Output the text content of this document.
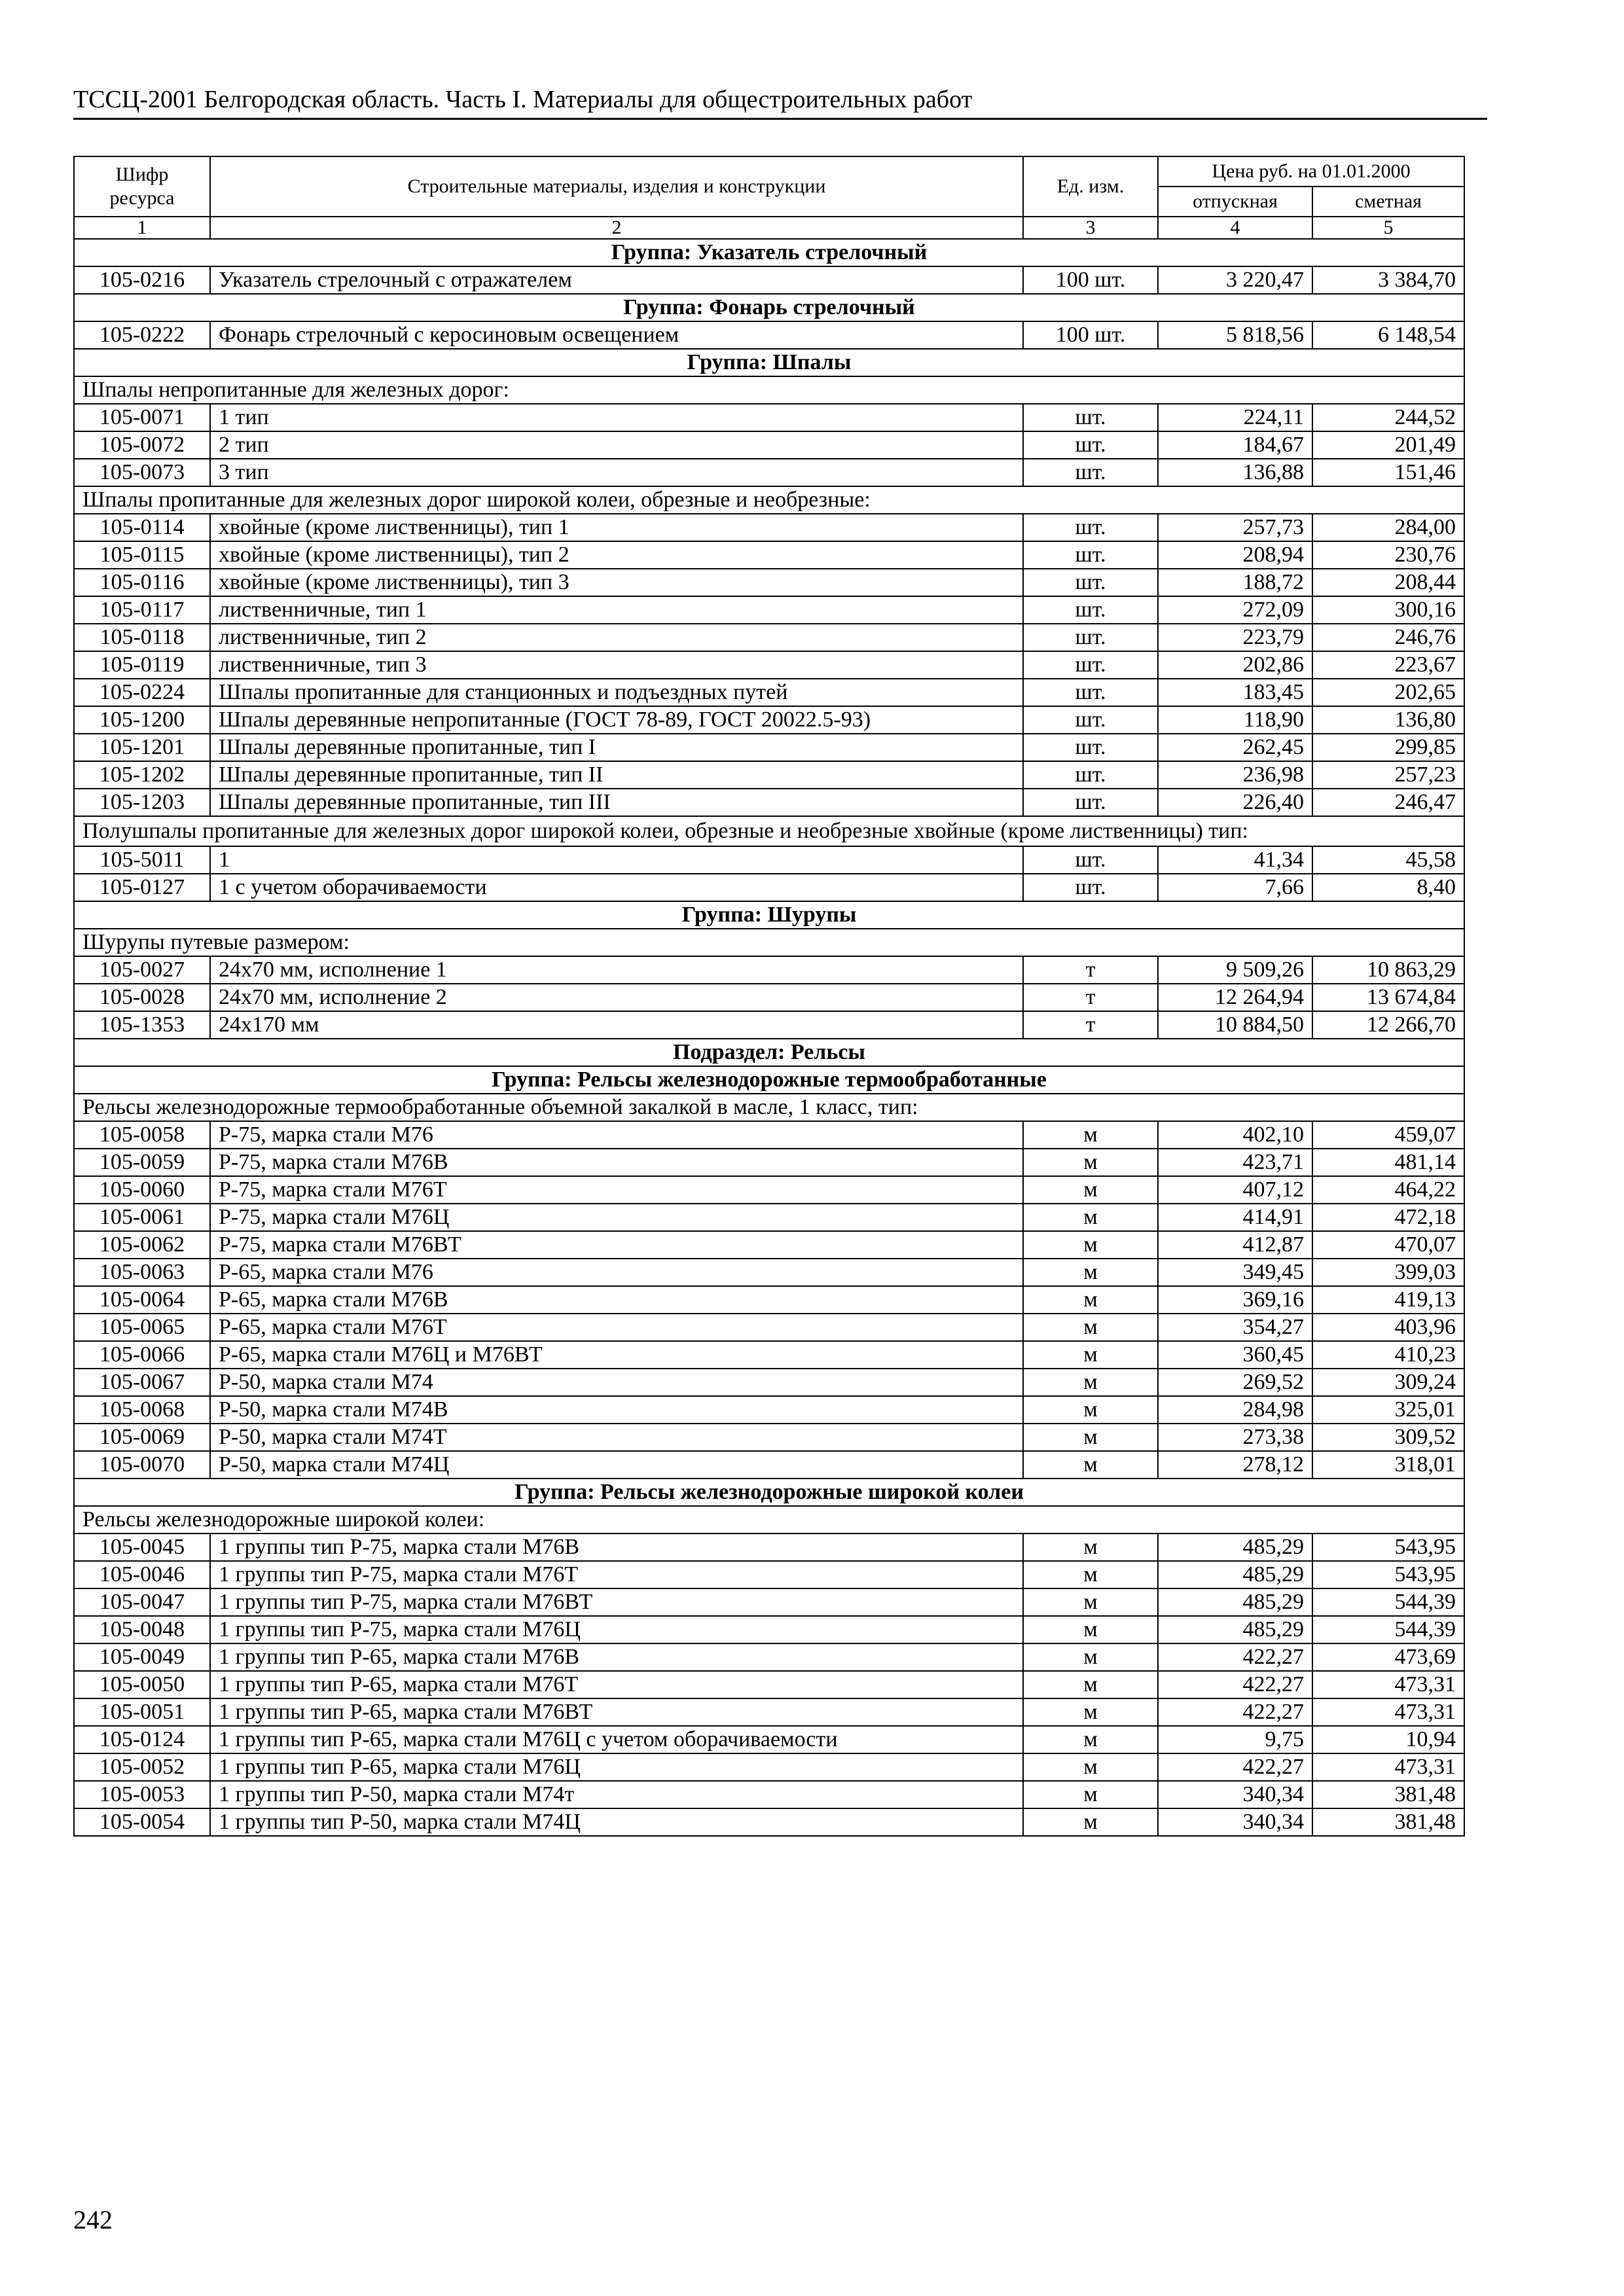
ТССЦ-2001 Белгородская область. Часть I. Материалы для общестроительных работ
Шифр ресурса	Строительные материалы, изделия и конструкции	Ед. изм.	Цена руб. на 01.01.2000	
			отпускная	сметная
1	2	3	4	5
Группа: Указатель стрелочный				
105-0216	Указатель стрелочный с отражателем	100 шт.	3 220,47	3 384,70
Группа: Фонарь стрелочный				
105-0222	Фонарь стрелочный с керосиновым освещением	100 шт.	5 818,56	6 148,54
Группа: Шпалы				
Шпалы непропитанные для железных дорог:				
105-0071	1 тип	шт.	224,11	244,52
105-0072	2 тип	шт.	184,67	201,49
105-0073	3 тип	шт.	136,88	151,46
Шпалы пропитанные для железных дорог широкой колеи, обрезные и необрезные:				
105-0114	хвойные (кроме лиственницы), тип 1	шт.	257,73	284,00
105-0115	хвойные (кроме лиственницы), тип 2	шт.	208,94	230,76
105-0116	хвойные (кроме лиственницы), тип 3	шт.	188,72	208,44
105-0117	лиственничные, тип 1	шт.	272,09	300,16
105-0118	лиственничные, тип 2	шт.	223,79	246,76
105-0119	лиственничные, тип 3	шт.	202,86	223,67
105-0224	Шпалы пропитанные для станционных и подъездных путей	шт.	183,45	202,65
105-1200	Шпалы деревянные непропитанные (ГОСТ 78-89, ГОСТ 20022.5-93)	шт.	118,90	136,80
105-1201	Шпалы деревянные пропитанные, тип I	шт.	262,45	299,85
105-1202	Шпалы деревянные пропитанные, тип II	шт.	236,98	257,23
105-1203	Шпалы деревянные пропитанные, тип III	шт.	226,40	246,47
Полушпалы пропитанные для железных дорог широкой колеи, обрезные и необрезные хвойные (кроме лиственницы) тип:				
105-5011	1	шт.	41,34	45,58
105-0127	1 с учетом оборачиваемости	шт.	7,66	8,40
Группа: Шурупы				
Шурупы путевые размером:				
105-0027	24х70 мм, исполнение 1	т	9 509,26	10 863,29
105-0028	24х70 мм, исполнение 2	т	12 264,94	13 674,84
105-1353	24х170 мм	т	10 884,50	12 266,70
Подраздел: Рельсы				
Группа: Рельсы железнодорожные термообработанные				
Рельсы железнодорожные термообработанные объемной закалкой в масле, 1 класс, тип:				
105-0058	Р-75, марка стали М76	м	402,10	459,07
105-0059	Р-75, марка стали М76В	м	423,71	481,14
105-0060	Р-75, марка стали М76Т	м	407,12	464,22
105-0061	Р-75, марка стали М76Ц	м	414,91	472,18
105-0062	Р-75, марка стали М76ВТ	м	412,87	470,07
105-0063	Р-65, марка стали М76	м	349,45	399,03
105-0064	Р-65, марка стали М76В	м	369,16	419,13
105-0065	Р-65, марка стали М76Т	м	354,27	403,96
105-0066	Р-65, марка стали М76Ц и М76ВТ	м	360,45	410,23
105-0067	Р-50, марка стали М74	м	269,52	309,24
105-0068	Р-50, марка стали М74В	м	284,98	325,01
105-0069	Р-50, марка стали М74Т	м	273,38	309,52
105-0070	Р-50, марка стали М74Ц	м	278,12	318,01
Группа: Рельсы железнодорожные широкой колеи				
Рельсы железнодорожные широкой колеи:				
105-0045	1 группы тип Р-75, марка стали М76В	м	485,29	543,95
105-0046	1 группы тип Р-75, марка стали М76Т	м	485,29	543,95
105-0047	1 группы тип Р-75, марка стали М76ВТ	м	485,29	544,39
105-0048	1 группы тип Р-75, марка стали М76Ц	м	485,29	544,39
105-0049	1 группы тип Р-65, марка стали М76В	м	422,27	473,69
105-0050	1 группы тип Р-65, марка стали М76Т	м	422,27	473,31
105-0051	1 группы тип Р-65, марка стали М76ВТ	м	422,27	473,31
105-0124	1 группы тип Р-65, марка стали М76Ц с учетом оборачиваемости	м	9,75	10,94
105-0052	1 группы тип Р-65, марка стали М76Ц	м	422,27	473,31
105-0053	1 группы тип Р-50, марка стали М74т	м	340,34	381,48
105-0054	1 группы тип Р-50, марка стали М74Ц	м	340,34	381,48
242
